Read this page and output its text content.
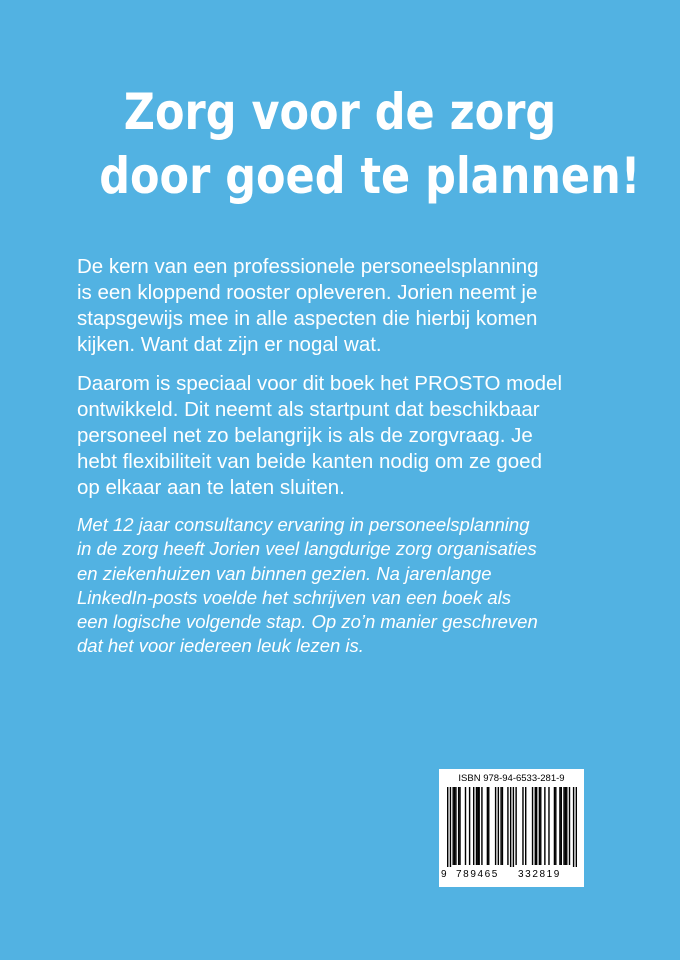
Zorg voor de zorg
door goed te plannen!
De kern van een professionele personeelsplanning
is een kloppend rooster opleveren. Jorien neemt je
stapsgewijs mee in alle aspecten die hierbij komen
kijken. Want dat zijn er nogal wat.
Daarom is speciaal voor dit boek het PROSTO model
ontwikkeld. Dit neemt als startpunt dat beschikbaar
personeel net zo belangrijk is als de zorgvraag. Je
hebt flexibiliteit van beide kanten nodig om ze goed
op elkaar aan te laten sluiten.
Met 12 jaar consultancy ervaring in personeelsplanning
in de zorg heeft Jorien veel langdurige zorg organisaties
en ziekenhuizen van binnen gezien. Na jarenlange
LinkedIn-posts voelde het schrijven van een boek als
een logische volgende stap. Op zo’n manier geschreven
dat het voor iedereen leuk lezen is.
ISBN 978-94-6533-281-9
9 789465 332819
